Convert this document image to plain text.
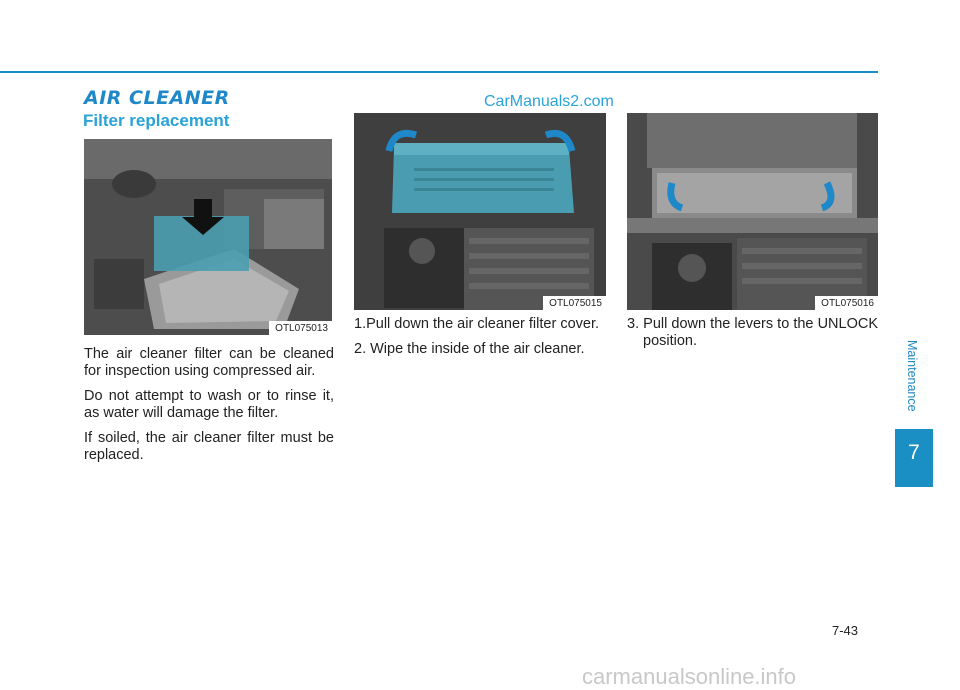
AIR CLEANER	CarManuals2.com
Filter replacement
OTL075013
OTL075015	OTL075016

The air cleaner filter can be cleaned for inspection using compressed air.

Do not attempt to wash or to rinse it, as water will damage the filter.

If soiled, the air cleaner filter must be replaced.

1.Pull down the air cleaner filter cover.

2. Wipe the inside of the air cleaner.

3. Pull down the levers to the UNLOCK position.	Maintenance
7
7-43
carmanualsonline.info
